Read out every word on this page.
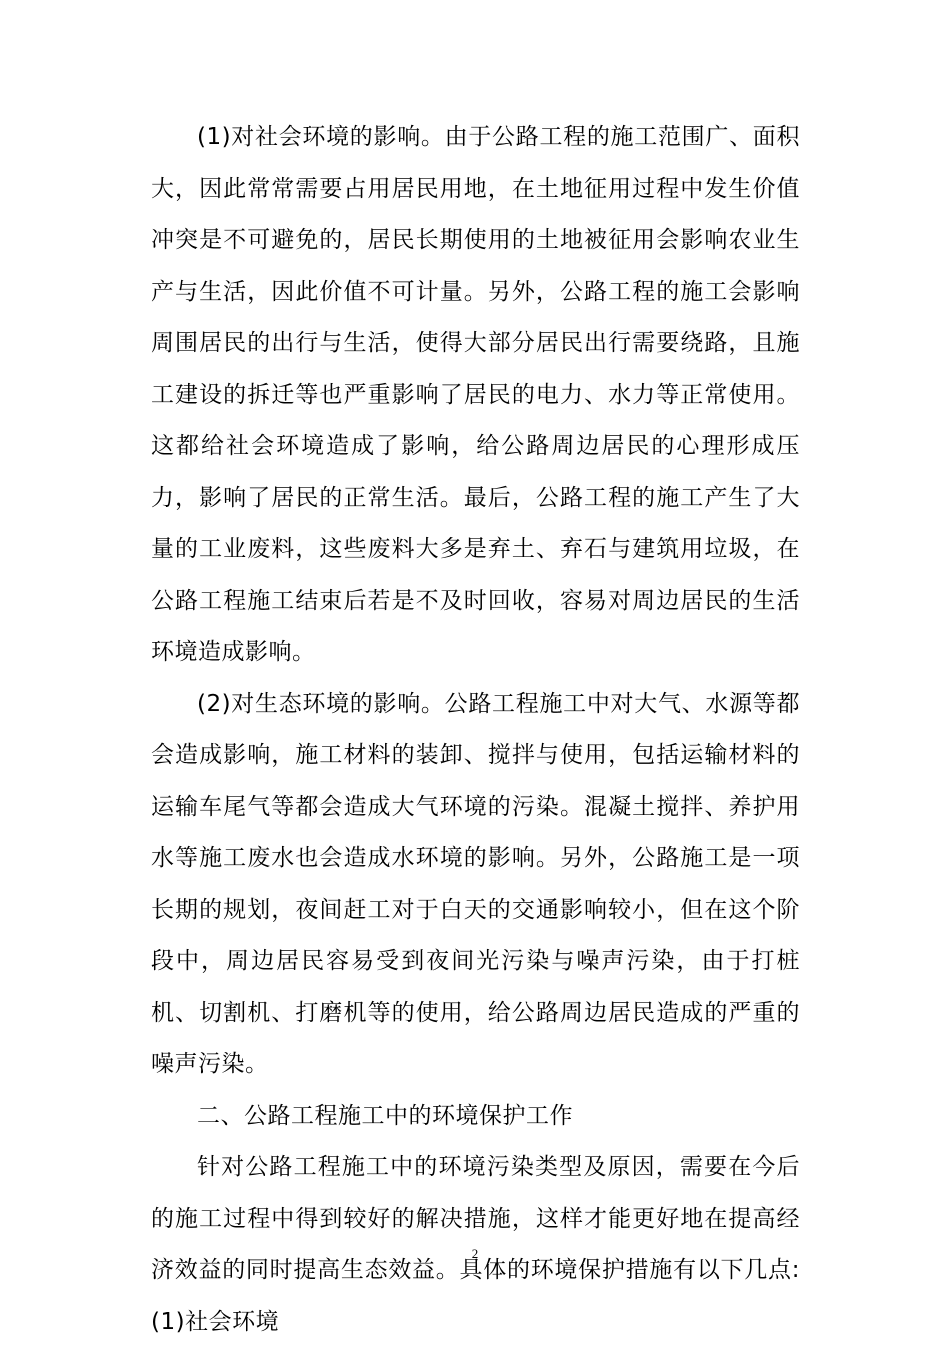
(1)对社会环境的影响。由于公路工程的施工范围广、面积大，因此常常需要占用居民用地，在土地征用过程中发生价值冲突是不可避免的，居民长期使用的土地被征用会影响农业生产与生活，因此价值不可计量。另外，公路工程的施工会影响周围居民的出行与生活，使得大部分居民出行需要绕路，且施工建设的拆迁等也严重影响了居民的电力、水力等正常使用。这都给社会环境造成了影响，给公路周边居民的心理形成压力，影响了居民的正常生活。最后，公路工程的施工产生了大量的工业废料，这些废料大多是弃土、弃石与建筑用垃圾，在公路工程施工结束后若是不及时回收，容易对周边居民的生活环境造成影响。

(2)对生态环境的影响。公路工程施工中对大气、水源等都会造成影响，施工材料的装卸、搅拌与使用，包括运输材料的运输车尾气等都会造成大气环境的污染。混凝土搅拌、养护用水等施工废水也会造成水环境的影响。另外，公路施工是一项长期的规划，夜间赶工对于白天的交通影响较小，但在这个阶段中，周边居民容易受到夜间光污染与噪声污染，由于打桩机、切割机、打磨机等的使用，给公路周边居民造成的严重的噪声污染。

二、公路工程施工中的环境保护工作

针对公路工程施工中的环境污染类型及原因，需要在今后的施工过程中得到较好的解决措施，这样才能更好地在提高经济效益的同时提高生态效益。具体的环境保护措施有以下几点:(1)社会环境

2
